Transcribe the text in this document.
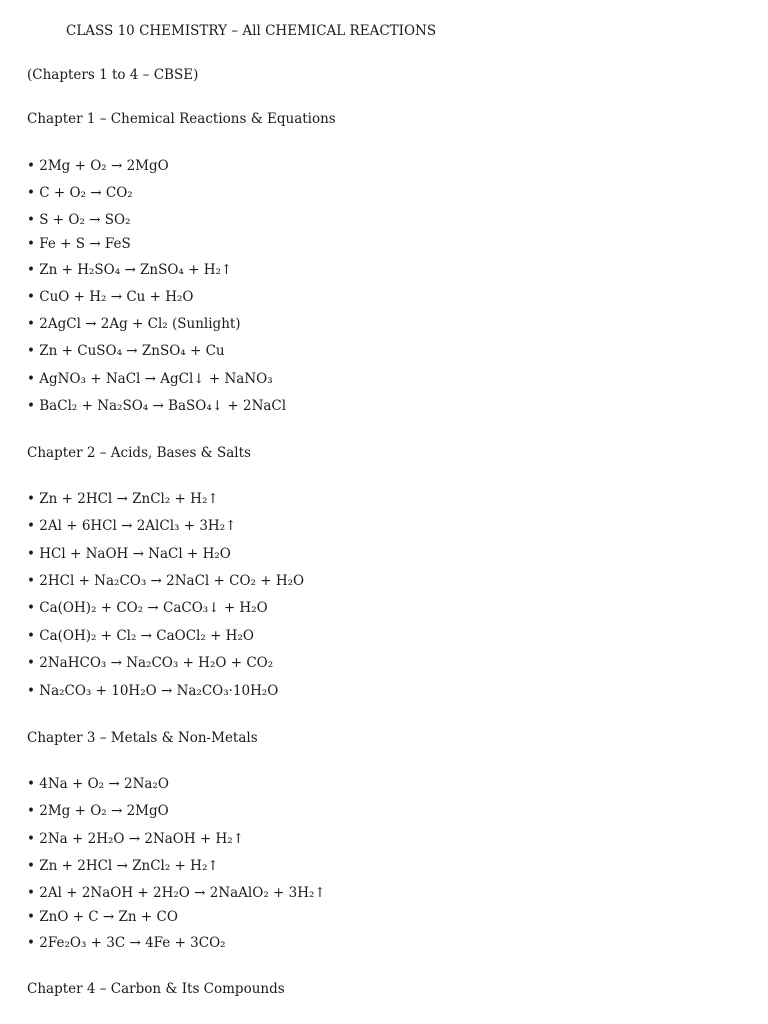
CLASS 10 CHEMISTRY – All CHEMICAL REACTIONS
(Chapters 1 to 4 – CBSE)
Chapter 1 – Chemical Reactions & Equations
• 2Mg + O₂ → 2MgO
• C + O₂ → CO₂
• S + O₂ → SO₂
• Fe + S → FeS
• Zn + H₂SO₄ → ZnSO₄ + H₂↑
• CuO + H₂ → Cu + H₂O
• 2AgCl → 2Ag + Cl₂ (Sunlight)
• Zn + CuSO₄ → ZnSO₄ + Cu
• AgNO₃ + NaCl → AgCl↓ + NaNO₃
• BaCl₂ + Na₂SO₄ → BaSO₄↓ + 2NaCl
Chapter 2 – Acids, Bases & Salts
• Zn + 2HCl → ZnCl₂ + H₂↑
• 2Al + 6HCl → 2AlCl₃ + 3H₂↑
• HCl + NaOH → NaCl + H₂O
• 2HCl + Na₂CO₃ → 2NaCl + CO₂ + H₂O
• Ca(OH)₂ + CO₂ → CaCO₃↓ + H₂O
• Ca(OH)₂ + Cl₂ → CaOCl₂ + H₂O
• 2NaHCO₃ → Na₂CO₃ + H₂O + CO₂
• Na₂CO₃ + 10H₂O → Na₂CO₃·10H₂O
Chapter 3 – Metals & Non-Metals
• 4Na + O₂ → 2Na₂O
• 2Mg + O₂ → 2MgO
• 2Na + 2H₂O → 2NaOH + H₂↑
• Zn + 2HCl → ZnCl₂ + H₂↑
• 2Al + 2NaOH + 2H₂O → 2NaAlO₂ + 3H₂↑
• ZnO + C → Zn + CO
• 2Fe₂O₃ + 3C → 4Fe + 3CO₂
Chapter 4 – Carbon & Its Compounds
